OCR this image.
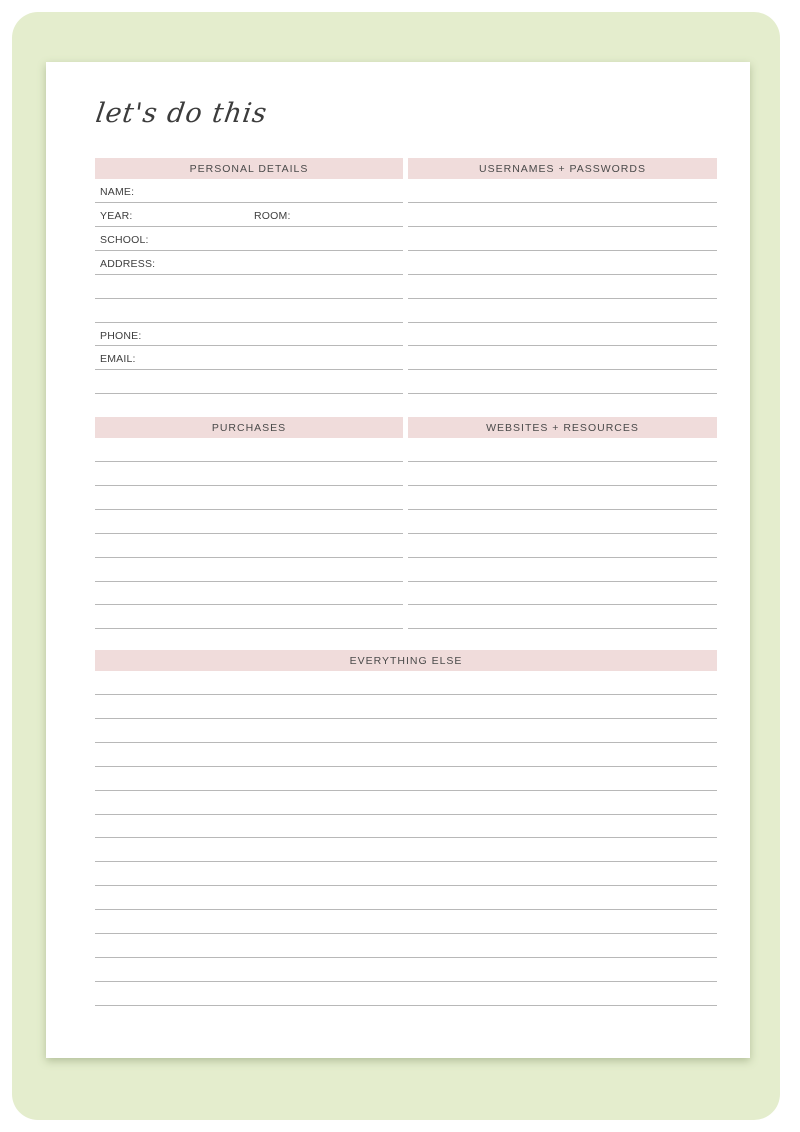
let's do this
PERSONAL DETAILS	USERNAMES + PASSWORDS
PURCHASES	WEBSITES + RESOURCES
EVERYTHING ELSE
NAME:
YEAR:	ROOM:
SCHOOL:
ADDRESS:
PHONE:
EMAIL:
